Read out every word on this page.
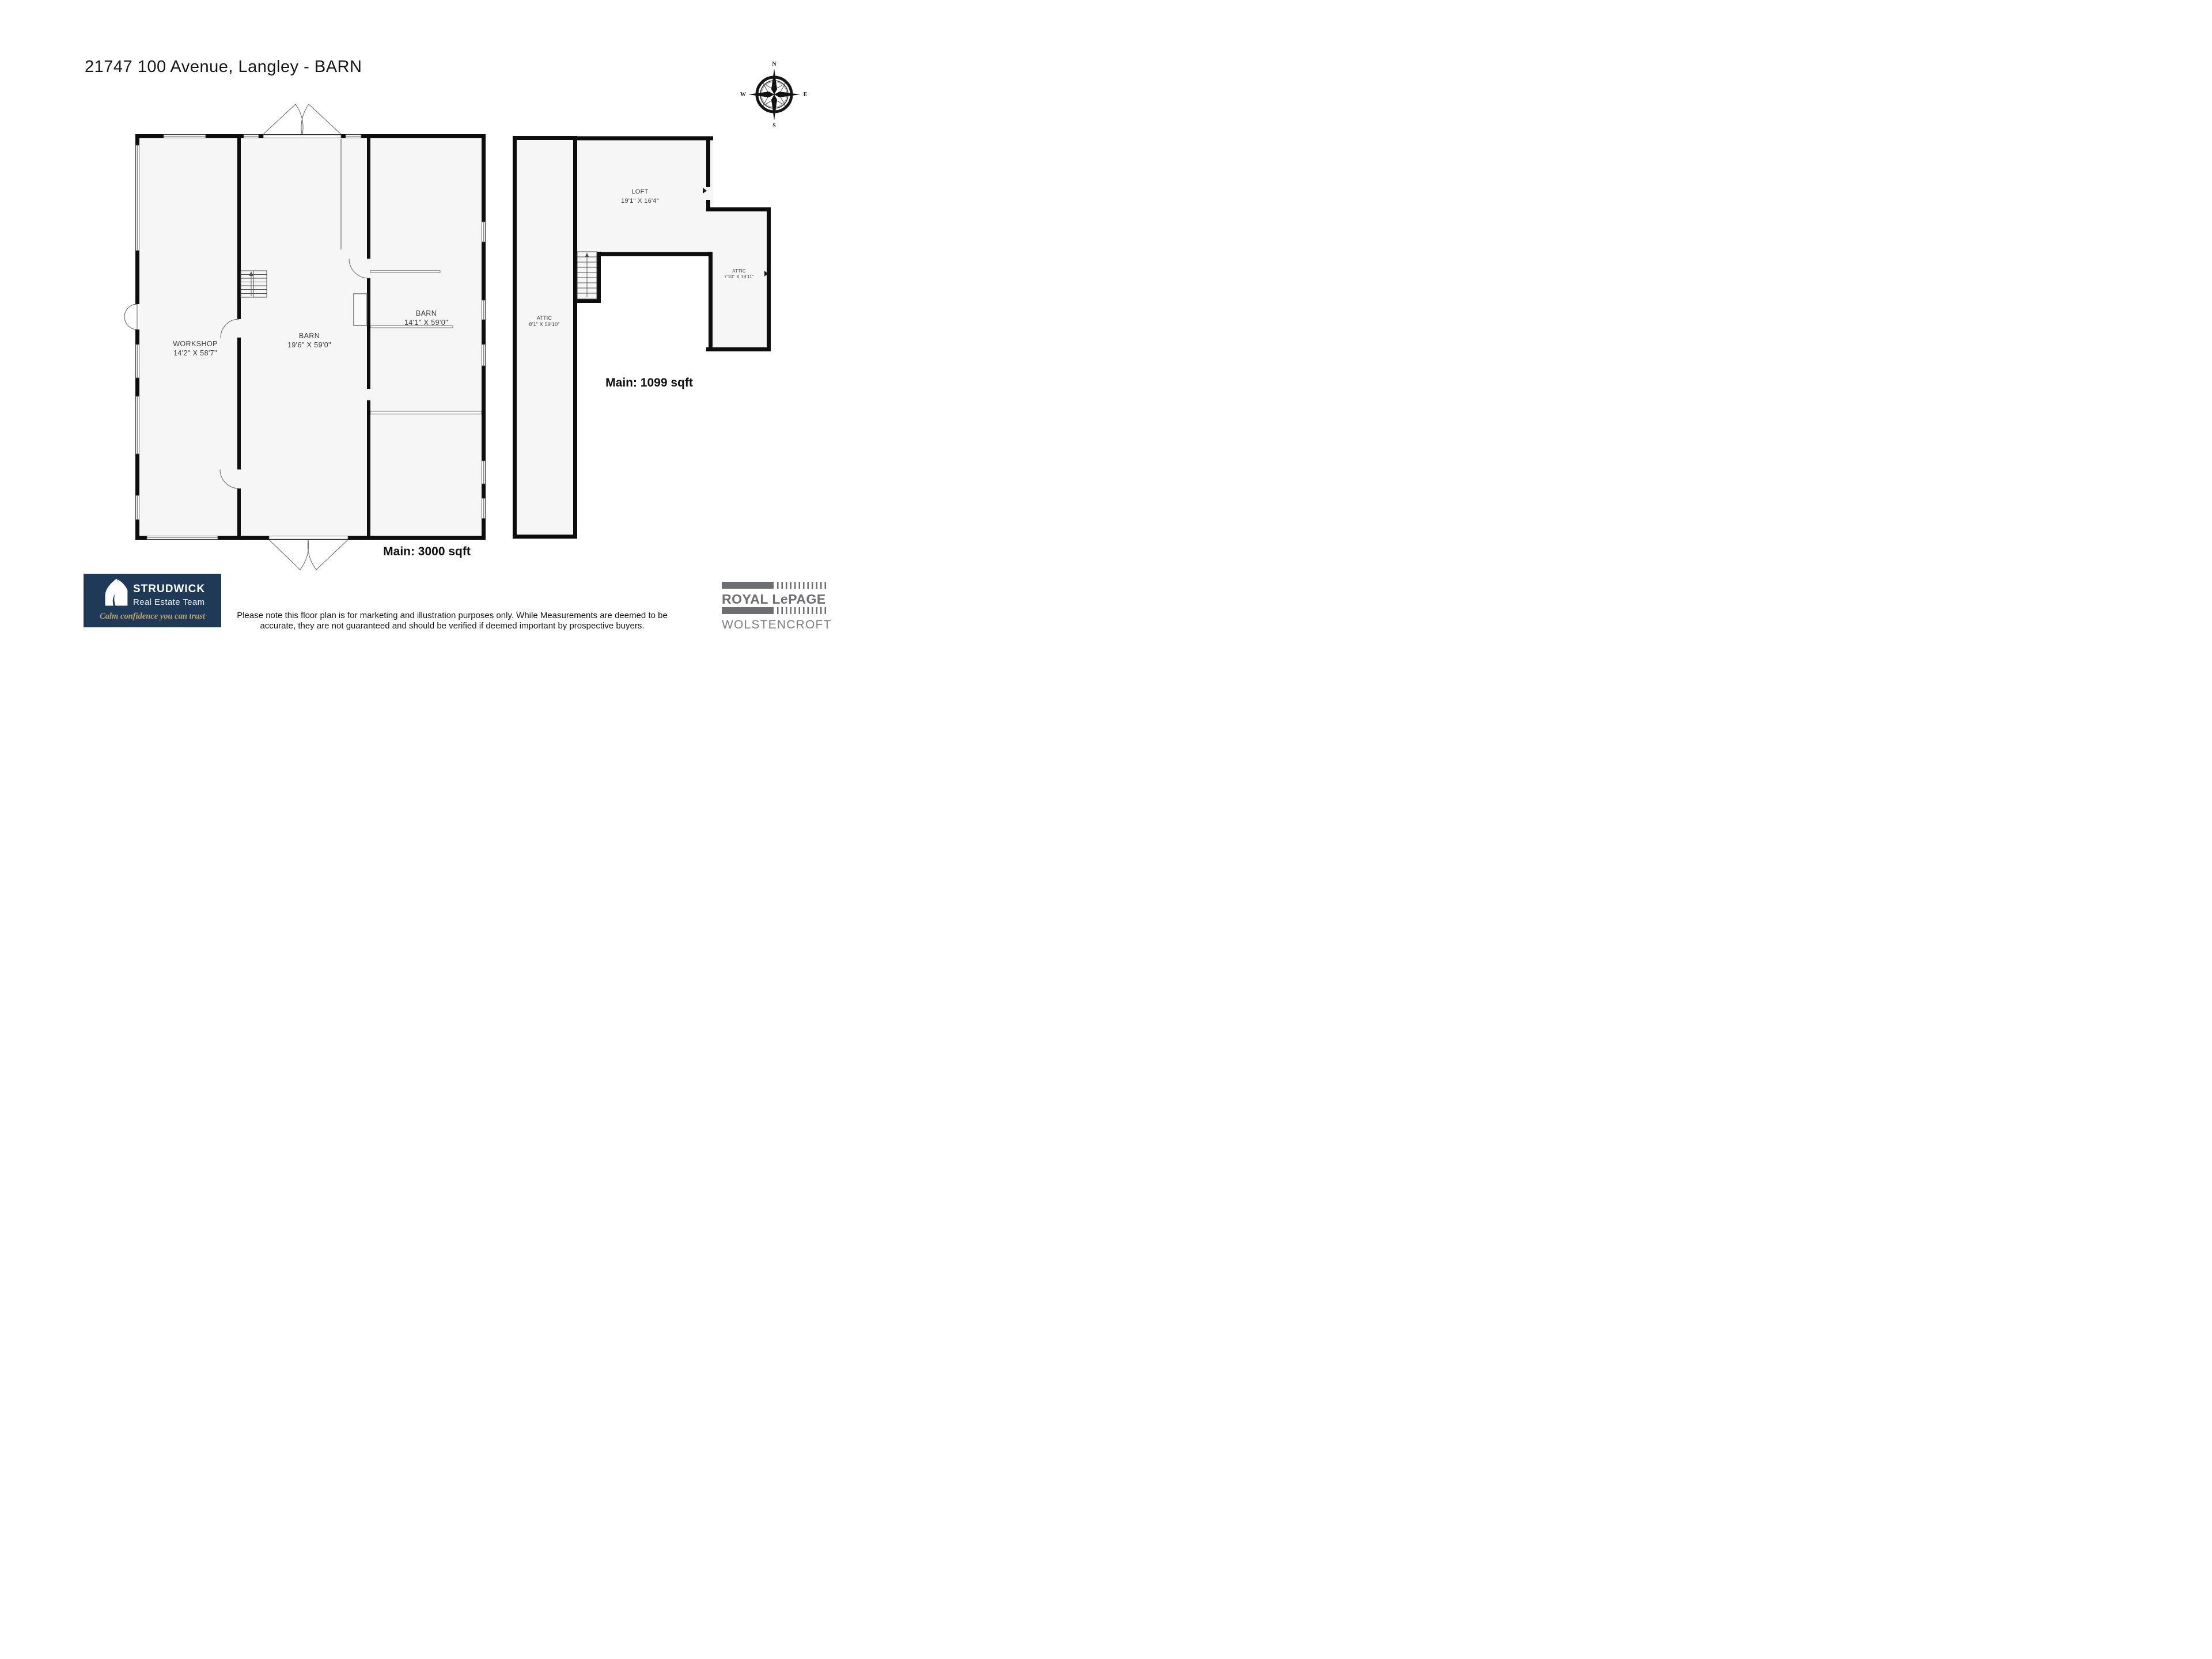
21747 100 Avenue, Langley - BARN	N
E
S
W
WORKSHOP
14'2" X 58'7"
BARN
19'6" X 59'0"
BARN
14'1" X 59'0"
ATTIC
8'1" X 59'10"
LOFT
19'1" X 16'4"
ATTIC
7'10" X 19'11"
Main: 3000 sqft
Main: 1099 sqft
STRUDWICK
Real Estate Team
Calm confidence you can trust
ROYAL LePAGE
WOLSTENCROFT
Please note this floor plan is for marketing and illustration purposes only. While Measurements are deemed to be
accurate, they are not guaranteed and should be verified if deemed important by prospective buyers.
